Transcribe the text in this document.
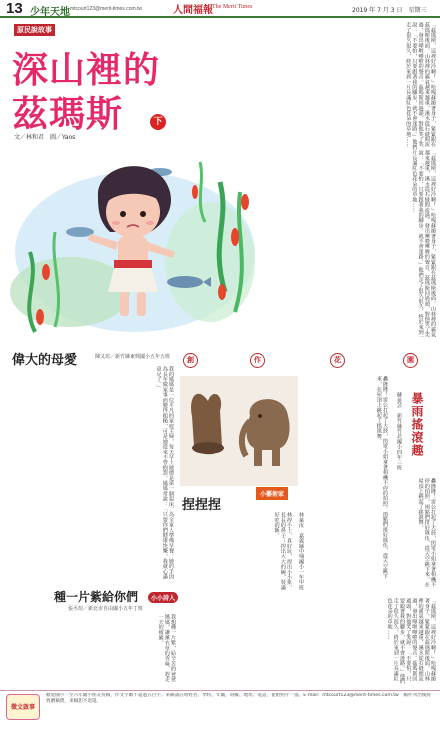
13 少年天地 mtcourt123@merit-times.com.tw	人間福報 The Merit Times	2019 年 7 月 3 日　星期三
原民說故事
深山裡的
茲瑪斯	下
文／林和君　圖／Yaos	「茲瑪斯，這裡好冷啊！」哈嘎赫縮著身子，緊緊跟在茲瑪斯後面。山林裡的霧氣越來越重，溪水從石縫間流過，發出嘩啦嘩啦的聲音。茲瑪斯回過頭，對他笑了笑說：「不要怕，只要跟著我的腳步，就不會迷路。」他們走了很久很久，終於來到一片長滿紅色花朵的草地……
「茲瑪斯，這裡好冷啊！」哈嘎赫縮著身子，緊緊跟在茲瑪斯後面。山林裡的霧氣越來越重，溪水從石縫間流過，發出嘩啦嘩啦的聲音。茲瑪斯回過頭，對他笑了笑說：「不要怕，只要跟著我的腳步，就不會迷路。」他們走了很久很久，終於來到一片長滿紅色花朵的草地……
偉大的母愛	陳又瑄／新竹縣東興國小五年五班
我的媽媽是一位平凡的家庭主婦，每天早上她總是第一個起床，為全家人準備早餐。她的手因為長年做家事而變得粗糙，可是她從來不曾抱怨。媽媽常說：「只要你們健康快樂，我就心滿意足了。」
創	作	花	園
小藝術家
捏捏捏
林捏小土，真好玩，捏出小小象，長長的鼻子；捏出大大的碗，裝滿好吃的飯。	林萊汝　嘉義縣中埔國小一年甲班
暴雨搖滾趣
蘇晏芸　新竹縣竹北國小四年三班
轟隆隆！雷公打起了大鼓，閃電小姐拿著相機不停的拍照。雨點們排好隊伍，從天空跳下來，在屋頂上跳起了搖滾舞。
轟隆隆！雷公打起了大鼓，閃電小姐拿著相機不停的拍照。雨點們排好隊伍，從天空跳下來，在屋頂上跳起了搖滾舞。
種一片紫給你們
張丞瑄／新北市自由國小五年丁班
小小詩人
我想種一片紫，給辛苦的爸爸媽媽，讓薰衣草的香味，趕走一天的疲累。	「茲瑪斯，這裡好冷啊！」哈嘎赫縮著身子，緊緊跟在茲瑪斯後面。山林裡的霧氣越來越重，溪水從石縫間流過，發出嘩啦嘩啦的聲音。茲瑪斯回過頭，對他笑了笑說：「不要怕，只要跟著我的腳步，就不會迷路。」他們走了很久很久，終於來到一片長滿紅色花朵的草地……
徵文啟事
歡迎國小一至六年級小朋友投稿，作文字數不超過五百字。來稿請註明姓名、學校、年級、班級、地址、電話，並附照片一張。E-mail：mtcourt123@merit-times.com.tw　稿件刊出後將致贈稿費，來稿恕不退還。
